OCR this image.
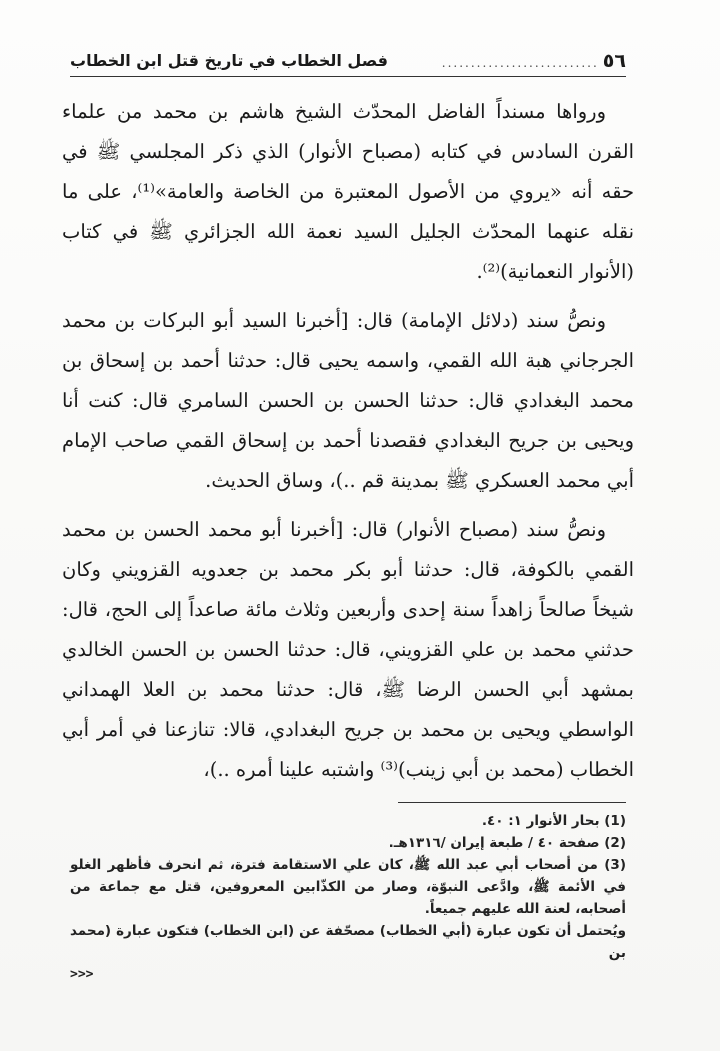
٥٦
...........................
فصل الخطاب في تاريخ قتل ابن الخطاب

ورواها مسنداً الفاضل المحدّث الشيخ هاشم بن محمد من علماء القرن السادس في كتابه (مصباح الأنوار) الذي ذكر المجلسي ﷺ في حقه أنه «يروي من الأصول المعتبرة من الخاصة والعامة»⁽¹⁾، على ما نقله عنهما المحدّث الجليل السيد نعمة الله الجزائري ﷺ في كتاب (الأنوار النعمانية)⁽²⁾.

ونصُّ سند (دلائل الإمامة) قال: [أخبرنا السيد أبو البركات بن محمد الجرجاني هبة الله القمي، واسمه يحيى قال: حدثنا أحمد بن إسحاق بن محمد البغدادي قال: حدثنا الحسن بن الحسن السامري قال: كنت أنا ويحيى بن جريح البغدادي فقصدنا أحمد بن إسحاق القمي صاحب الإمام أبي محمد العسكري ﷺ بمدينة قم ..)، وساق الحديث.

ونصُّ سند (مصباح الأنوار) قال: [أخبرنا أبو محمد الحسن بن محمد القمي بالكوفة، قال: حدثنا أبو بكر محمد بن جعدويه القزويني وكان شيخاً صالحاً زاهداً سنة إحدى وأربعين وثلاث مائة صاعداً إلى الحج، قال: حدثني محمد بن علي القزويني، قال: حدثنا الحسن بن الحسن الخالدي بمشهد أبي الحسن الرضا ﷺ، قال: حدثنا محمد بن العلا الهمداني الواسطي ويحيى بن محمد بن جريح البغدادي، قالا: تنازعنا في أمر أبي الخطاب (محمد بن أبي زينب)⁽³⁾ واشتبه علينا أمره ..)،

(1) بحار الأنوار ١: ٤٠.

(2) صفحة ٤٠ / طبعة إيران /١٣١٦هـ.

(3) من أصحاب أبي عبد الله ﷺ، كان علي الاستقامة فترة، ثم انحرف فأظهر الغلو في الأئمة ﷺ، وادَّعى النبوّة، وصار من الكذّابين المعروفين، قتل مع جماعة من أصحابه، لعنة الله عليهم جميعاً.

ويُحتمل أن تكون عبارة (أبي الخطاب) مصحّفة عن (ابن الخطاب) فتكون عبارة (محمد بن

>>>
